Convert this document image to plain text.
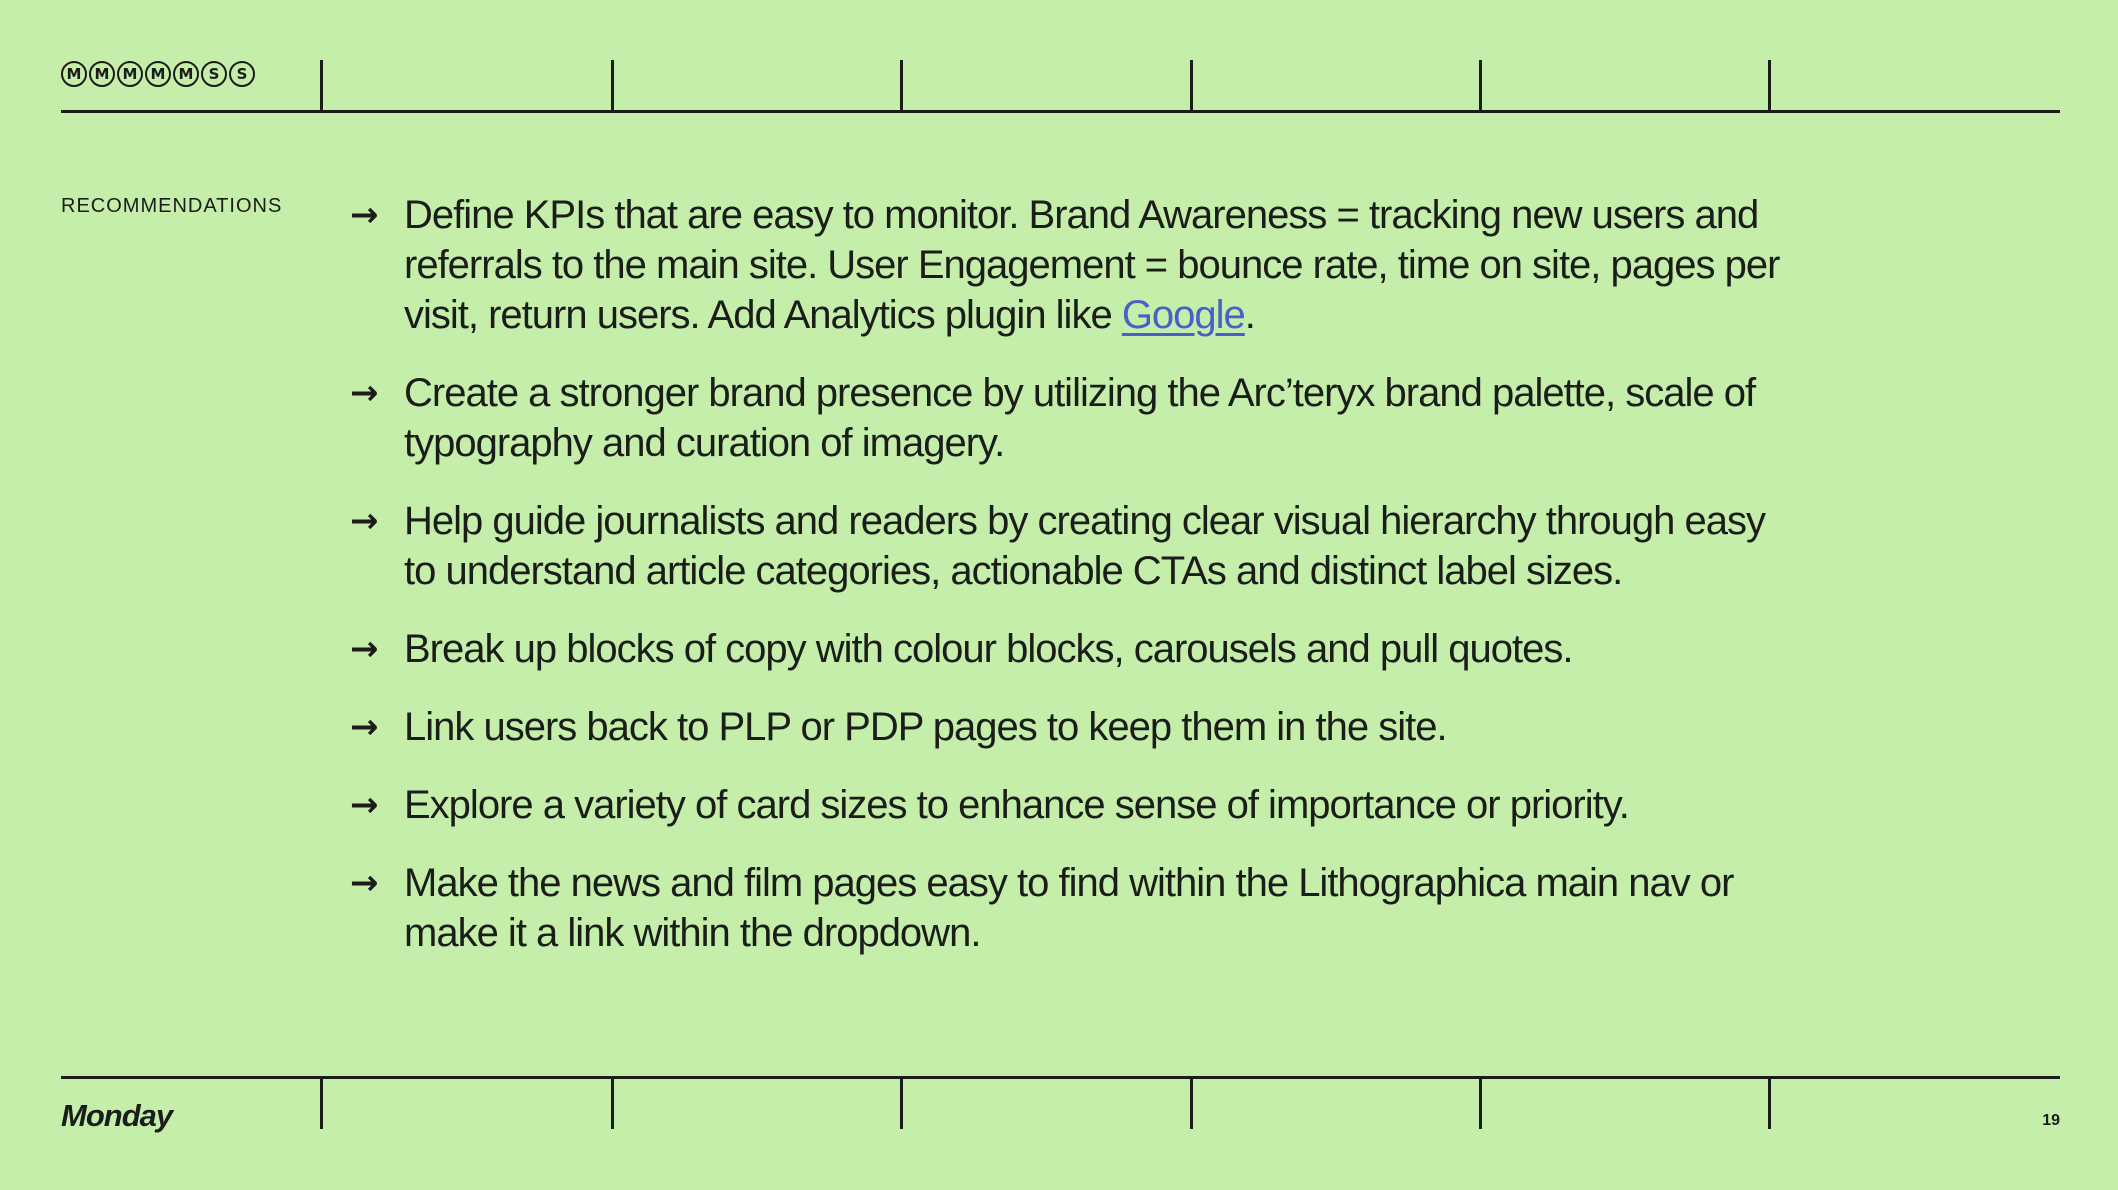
M M M M M	S	S
RECOMMENDATIONS → Define KPIs that are easy to monitor. Brand Awareness = tracking new users and referrals to the main site. User Engagement = bounce rate, time on site, pages per visit, return users. Add Analytics plugin like Google.
→ Create a stronger brand presence by utilizing the Arc’teryx brand palette, scale of typography and curation of imagery.
→ Help guide journalists and readers by creating clear visual hierarchy through easy to understand article categories, actionable CTAs and distinct label sizes.
→ Break up blocks of copy with colour blocks, carousels and pull quotes.
→ Link users back to PLP or PDP pages to keep them in the site.
→ Explore a variety of card sizes to enhance sense of importance or priority.
→ Make the news and film pages easy to find within the Lithographica main nav or make it a link within the dropdown.
Monday	19
